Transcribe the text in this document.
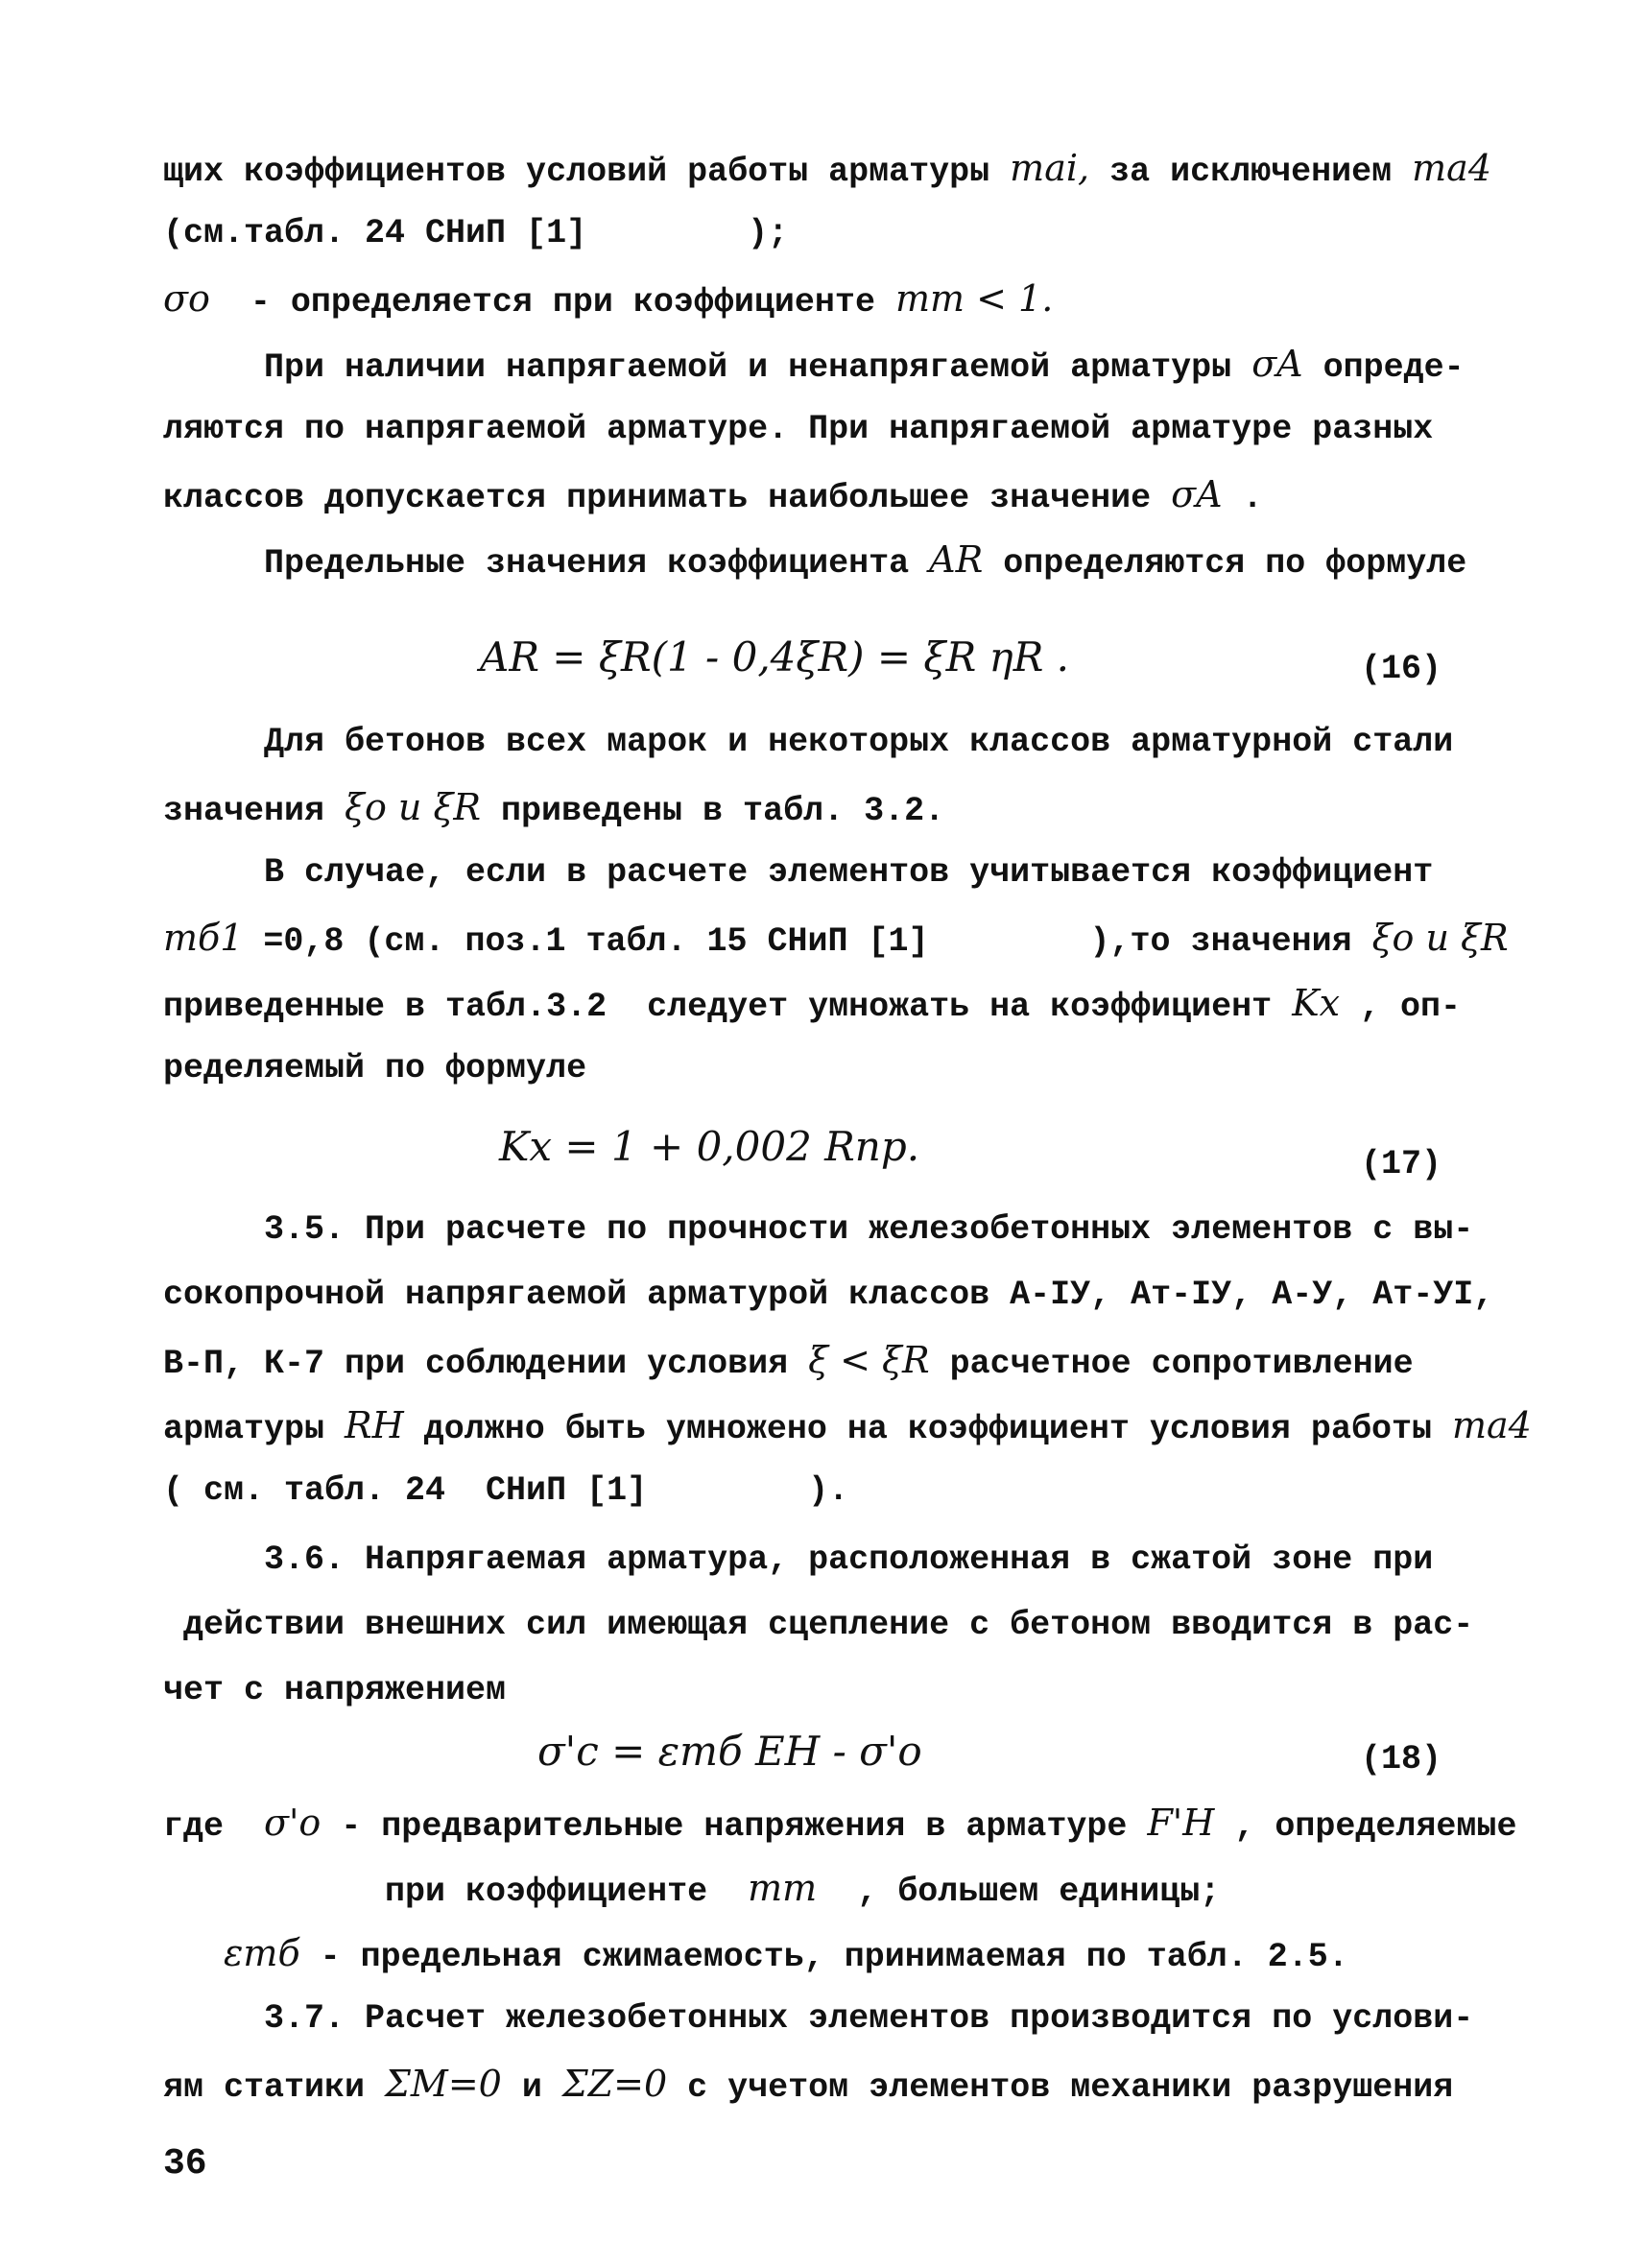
щих коэффициентов условий работы арматуры mai, за исключением ma4
(см.табл. 24 СНиП [1]        );
σo  - определяется при коэффициенте mт < 1.
При наличии напрягаемой и ненапрягаемой арматуры σA опреде-
ляются по напрягаемой арматуре. При напрягаемой арматуре разных
классов допускается принимать наибольшее значение σA .
Предельные значения коэффициента AR определяются по формуле
AR = ξR(1 - 0,4ξR) = ξR ηR .	(16)
Для бетонов всех марок и некоторых классов арматурной стали
значения ξo и ξR приведены в табл. 3.2.
В случае, если в расчете элементов учитывается коэффициент
mб1 =0,8 (см. поз.1 табл. 15 СНиП [1]        ),то значения ξo и ξR
приведенные в табл.3.2  следует умножать на коэффициент Kx , оп-
ределяемый по формуле
Kx = 1 + 0,002 Rпр.	(17)
3.5. При расчете по прочности железобетонных элементов с вы-
сокопрочной напрягаемой арматурой классов А-IУ, Ат-IУ, А-У, Ат-УI,
В-П, К-7 при соблюдении условия ξ < ξR расчетное сопротивление
арматуры RH должно быть умножено на коэффициент условия работы ma4
( см. табл. 24  СНиП [1]        ).
3.6. Напрягаемая арматура, расположенная в сжатой зоне при
действии внешних сил имеющая сцепление с бетоном вводится в рас-
чет с напряжением
σ'c = εmб EH - σ'o	(18)
где  σ'o - предварительные напряжения в арматуре F'H , определяемые
при коэффициенте  mт  , большем единицы;
εmб - предельная сжимаемость, принимаемая по табл. 2.5.
3.7. Расчет железобетонных элементов производится по услови-
ям статики ΣM=0 и ΣZ=0 с учетом элементов механики разрушения
36
